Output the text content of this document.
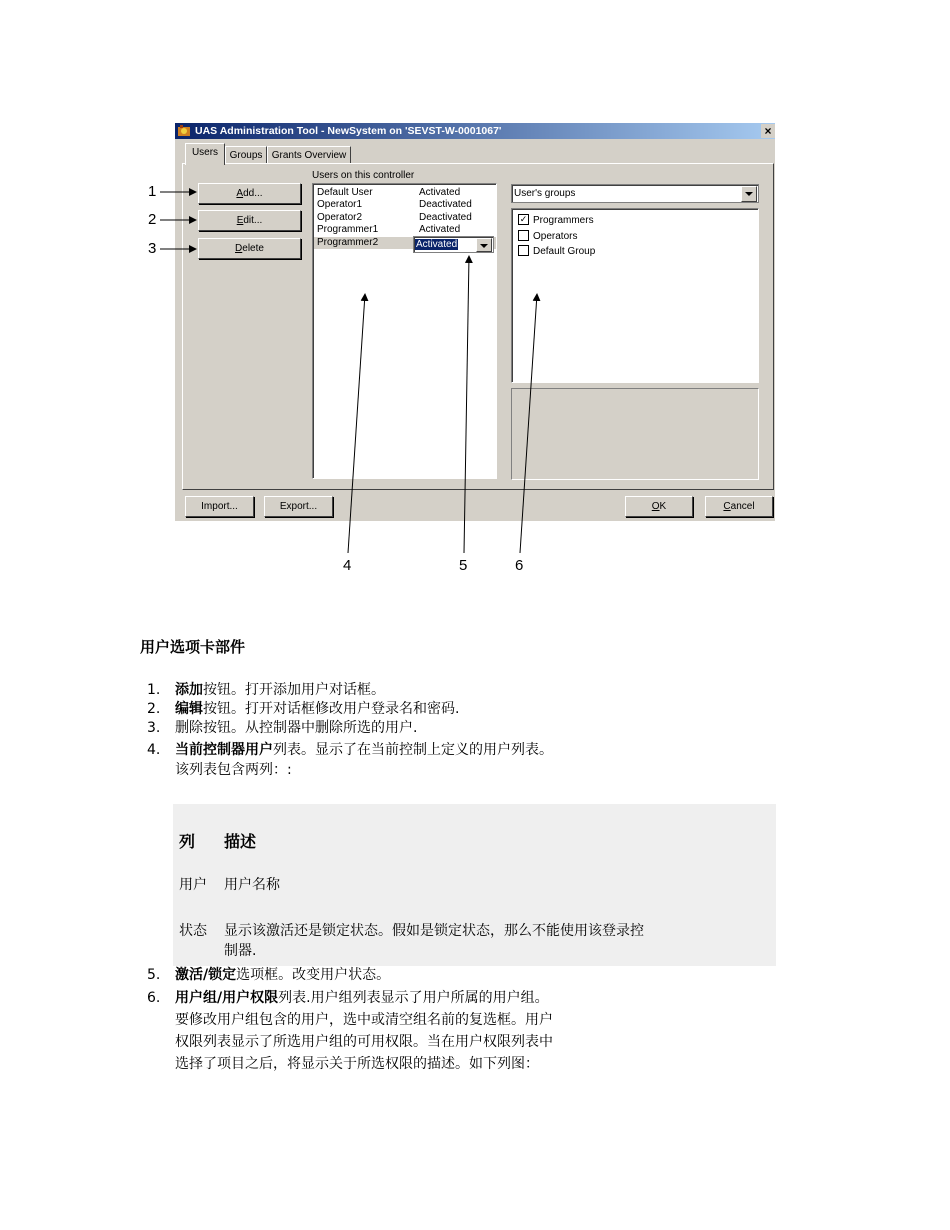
UAS Administration Tool - NewSystem on 'SEVST-W-0001067'	×
Users	Groups Grants Overview
Add...
Edit...
Delete
Users on this controller
Default User	Activated
Operator1	Deactivated
Operator2	Deactivated
Programmer1	Activated
Programmer2	Activated
User's groups
✓ Programmers
Operators
Default Group
Import...	Export...	OK	Cancel
1
2
3
4	5	6
用户选项卡部件
1. 添加按钮。打开添加用户对话框。
2. 编辑按钮。打开对话框修改用户登录名和密码.
3. 删除按钮。从控制器中删除所选的用户.
4. 当前控制器用户列表。显示了在当前控制上定义的用户列表。
该列表包含两列：:
列 描述
用户 用户名称
状态 显示该激活还是锁定状态。假如是锁定状态，那么不能使用该登录控
制器.
5. 激活/锁定选项框。改变用户状态。
6. 用户组/用户权限列表.用户组列表显示了用户所属的用户组。
要修改用户组包含的用户，选中或清空组名前的复选框。用户
权限列表显示了所选用户组的可用权限。当在用户权限列表中
选择了项目之后，将显示关于所选权限的描述。如下列图：
